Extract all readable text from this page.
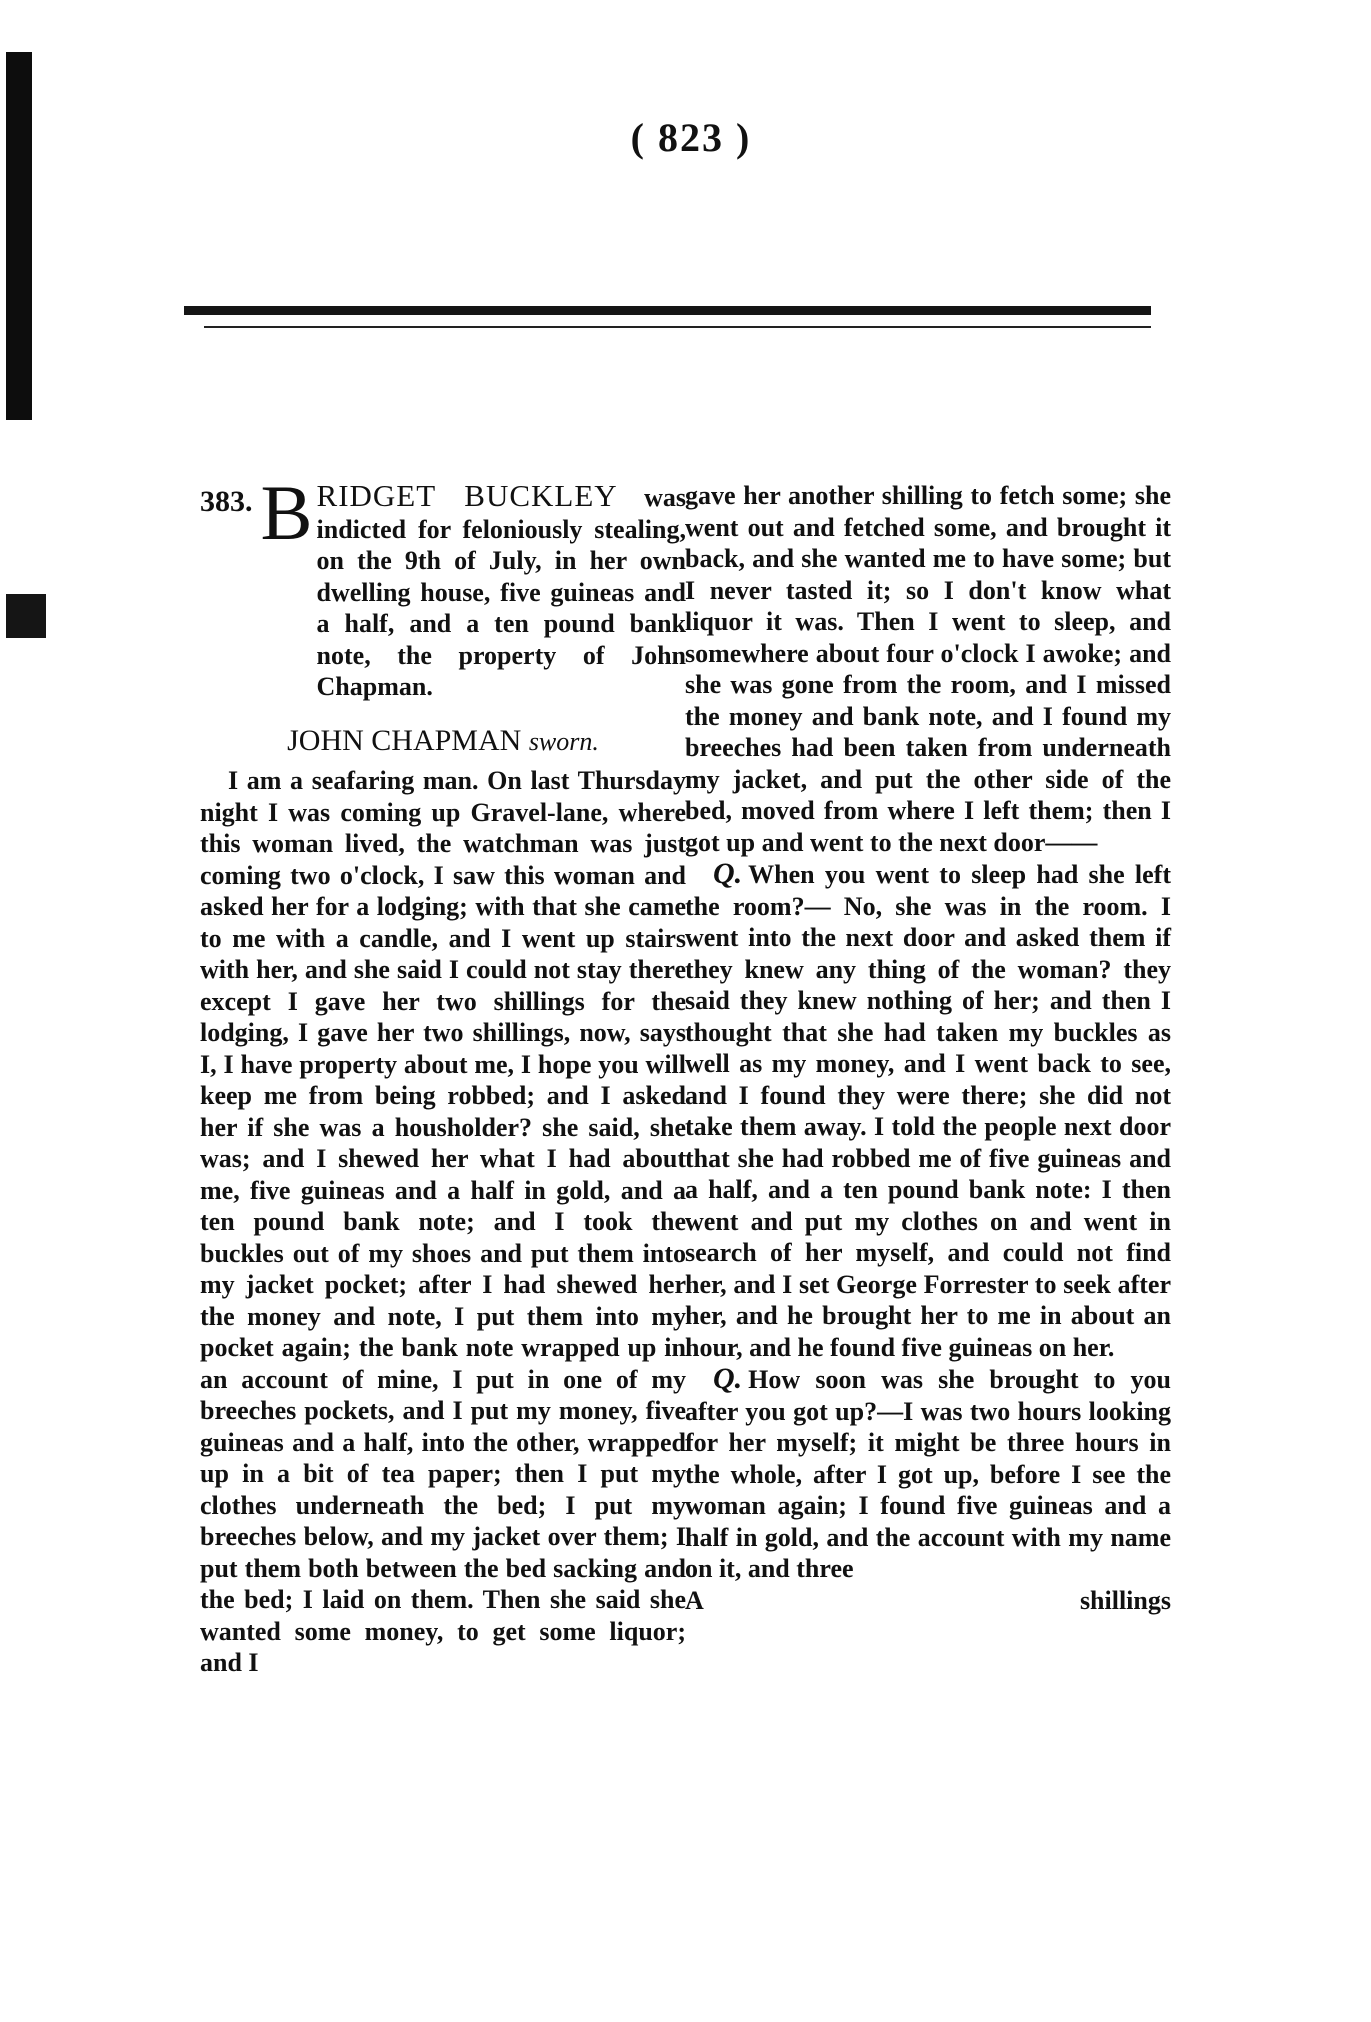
( 823 )
383. B RIDGET BUCKLEY was indicted for feloniously stealing, on the 9th of July, in her own dwelling house, five guineas and a half, and a ten pound bank note, the property of John Chapman.
JOHN CHAPMAN sworn.

I am a seafaring man. On last Thursday night I was coming up Gravel-lane, where this woman lived, the watchman was just coming two o'clock, I saw this woman and asked her for a lodging; with that she came to me with a candle, and I went up stairs with her, and she said I could not stay there except I gave her two shillings for the lodging, I gave her two shillings, now, says I, I have property about me, I hope you will keep me from being robbed; and I asked her if she was a housholder? she said, she was; and I shewed her what I had about me, five guineas and a half in gold, and a ten pound bank note; and I took the buckles out of my shoes and put them into my jacket pocket; after I had shewed her the money and note, I put them into my pocket again; the bank note wrapped up in an account of mine, I put in one of my breeches pockets, and I put my money, five guineas and a half, into the other, wrapped up in a bit of tea paper; then I put my clothes underneath the bed; I put my breeches below, and my jacket over them; I put them both between the bed sacking and the bed; I laid on them. Then she said she wanted some money, to get some liquor; and I

gave her another shilling to fetch some; she went out and fetched some, and brought it back, and she wanted me to have some; but I never tasted it; so I don't know what liquor it was. Then I went to sleep, and somewhere about four o'clock I awoke; and she was gone from the room, and I missed the money and bank note, and I found my breeches had been taken from underneath my jacket, and put the other side of the bed, moved from where I left them; then I got up and went to the next door——

Q. When you went to sleep had she left the room?— No, she was in the room. I went into the next door and asked them if they knew any thing of the woman? they said they knew nothing of her; and then I thought that she had taken my buckles as well as my money, and I went back to see, and I found they were there; she did not take them away. I told the people next door that she had robbed me of five guineas and a half, and a ten pound bank note: I then went and put my clothes on and went in search of her myself, and could not find her, and I set George Forrester to seek after her, and he brought her to me in about an hour, and he found five guineas on her.

Q. How soon was she brought to you after you got up?—I was two hours looking for her myself; it might be three hours in the whole, after I got up, before I see the woman again; I found five guineas and a half in gold, and the account with my name on it, and three

A	shillings
